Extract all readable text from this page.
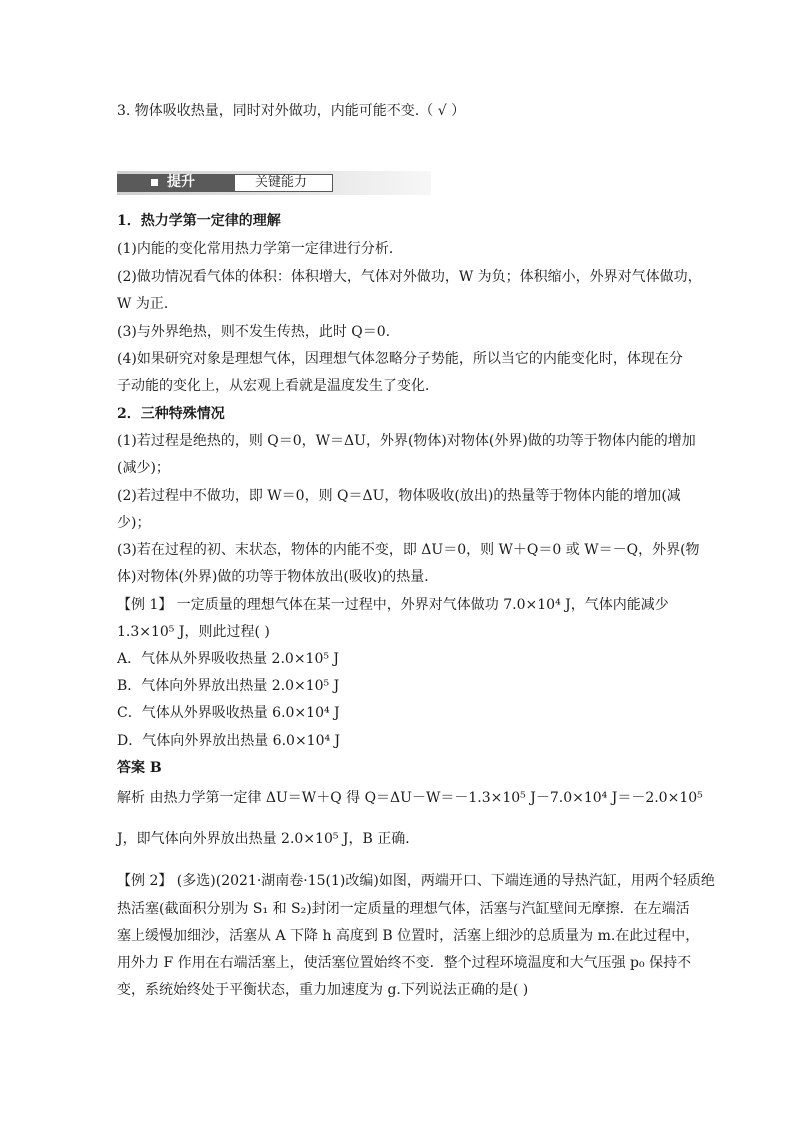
3. 物体吸收热量，同时对外做功，内能可能不变.（ √ ）
提升	关键能力
1．热力学第一定律的理解
(1)内能的变化常用热力学第一定律进行分析．
(2)做功情况看气体的体积：体积增大，气体对外做功，W 为负；体积缩小，外界对气体做功，
W 为正．
(3)与外界绝热，则不发生传热，此时 Q＝0.
(4)如果研究对象是理想气体，因理想气体忽略分子势能，所以当它的内能变化时，体现在分
子动能的变化上，从宏观上看就是温度发生了变化．
2．三种特殊情况
(1)若过程是绝热的，则 Q＝0，W＝ΔU，外界(物体)对物体(外界)做的功等于物体内能的增加
(减少)；
(2)若过程中不做功，即 W＝0，则 Q＝ΔU，物体吸收(放出)的热量等于物体内能的增加(减
少)；
(3)若在过程的初、末状态，物体的内能不变，即 ΔU＝0，则 W＋Q＝0 或 W＝－Q，外界(物
体)对物体(外界)做的功等于物体放出(吸收)的热量．
【例 1】 一定质量的理想气体在某一过程中，外界对气体做功 7.0×10⁴ J，气体内能减少
1.3×10⁵ J，则此过程( )
A．气体从外界吸收热量 2.0×10⁵ J
B．气体向外界放出热量 2.0×10⁵ J
C．气体从外界吸收热量 6.0×10⁴ J
D．气体向外界放出热量 6.0×10⁴ J
答案 B
解析 由热力学第一定律 ΔU＝W＋Q 得 Q＝ΔU－W＝－1.3×10⁵ J－7.0×10⁴ J＝－2.0×10⁵
J，即气体向外界放出热量 2.0×10⁵ J，B 正确．
【例 2】 (多选)(2021·湖南卷·15(1)改编)如图，两端开口、下端连通的导热汽缸，用两个轻质绝
热活塞(截面积分别为 S₁ 和 S₂)封闭一定质量的理想气体，活塞与汽缸壁间无摩擦．在左端活
塞上缓慢加细沙，活塞从 A 下降 h 高度到 B 位置时，活塞上细沙的总质量为 m.在此过程中，
用外力 F 作用在右端活塞上，使活塞位置始终不变．整个过程环境温度和大气压强 p₀ 保持不
变，系统始终处于平衡状态，重力加速度为 g.下列说法正确的是( )
